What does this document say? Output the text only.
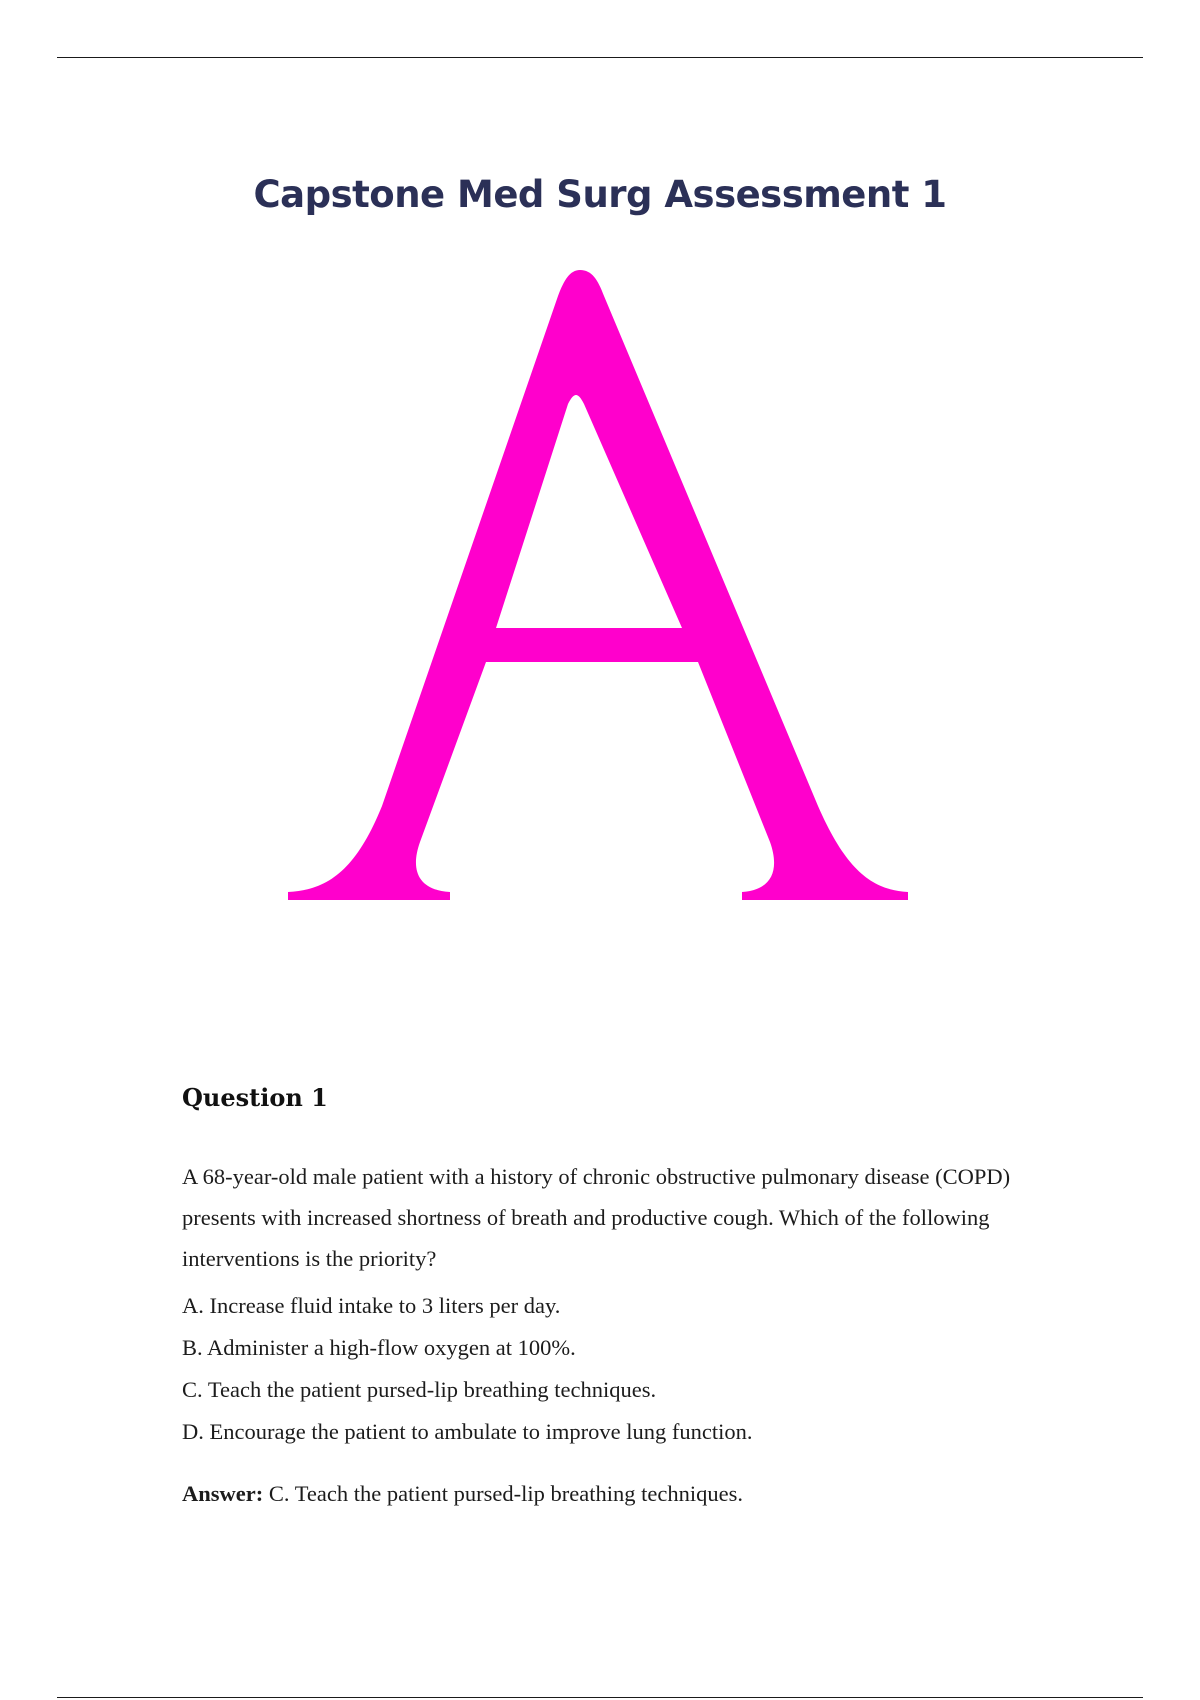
Capstone Med Surg Assessment 1
Question 1

A 68-year-old male patient with a history of chronic obstructive pulmonary disease (COPD) presents with increased shortness of breath and productive cough. Which of the following interventions is the priority?

A. Increase fluid intake to 3 liters per day.
B. Administer a high-flow oxygen at 100%.
C. Teach the patient pursed-lip breathing techniques.
D. Encourage the patient to ambulate to improve lung function.
Answer: C. Teach the patient pursed-lip breathing techniques.
